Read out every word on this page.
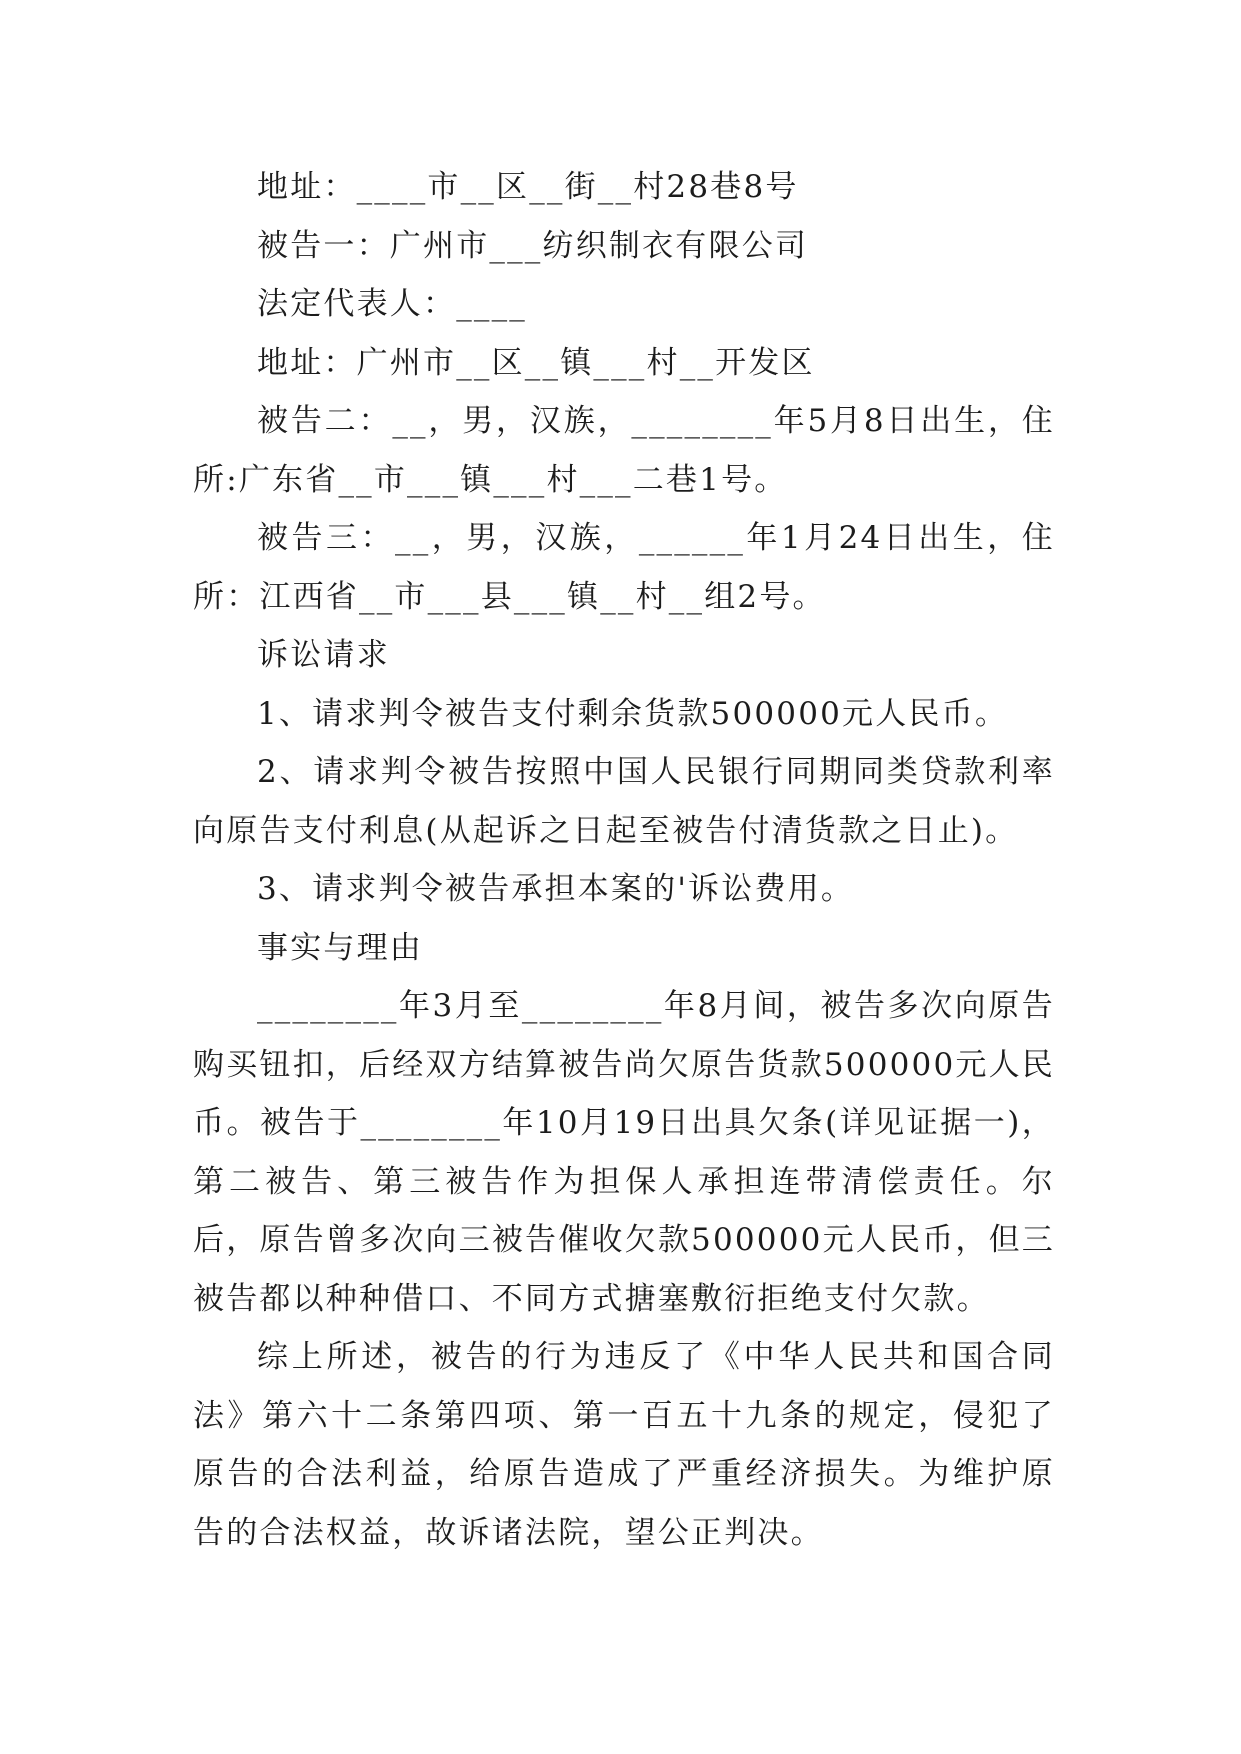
地址：____市__区__街__村28巷8号

被告一：广州市___纺织制衣有限公司

法定代表人：____

地址：广州市__区__镇___村__开发区

被告二：__，男，汉族，________年5月8日出生，住所:广东省__市___镇___村___二巷1号。

被告三：__，男，汉族，______年1月24日出生，住所：江西省__市___县___镇__村__组2号。

诉讼请求

1、请求判令被告支付剩余货款500000元人民币。

2、请求判令被告按照中国人民银行同期同类贷款利率向原告支付利息(从起诉之日起至被告付清货款之日止)。

3、请求判令被告承担本案的'诉讼费用。

事实与理由

________年3月至________年8月间，被告多次向原告购买钮扣，后经双方结算被告尚欠原告货款500000元人民币。被告于________年10月19日出具欠条(详见证据一)，第二被告、第三被告作为担保人承担连带清偿责任。尔后，原告曾多次向三被告催收欠款500000元人民币，但三被告都以种种借口、不同方式搪塞敷衍拒绝支付欠款。

综上所述，被告的行为违反了《中华人民共和国合同法》第六十二条第四项、第一百五十九条的规定，侵犯了原告的合法利益，给原告造成了严重经济损失。为维护原告的合法权益，故诉诸法院，望公正判决。
